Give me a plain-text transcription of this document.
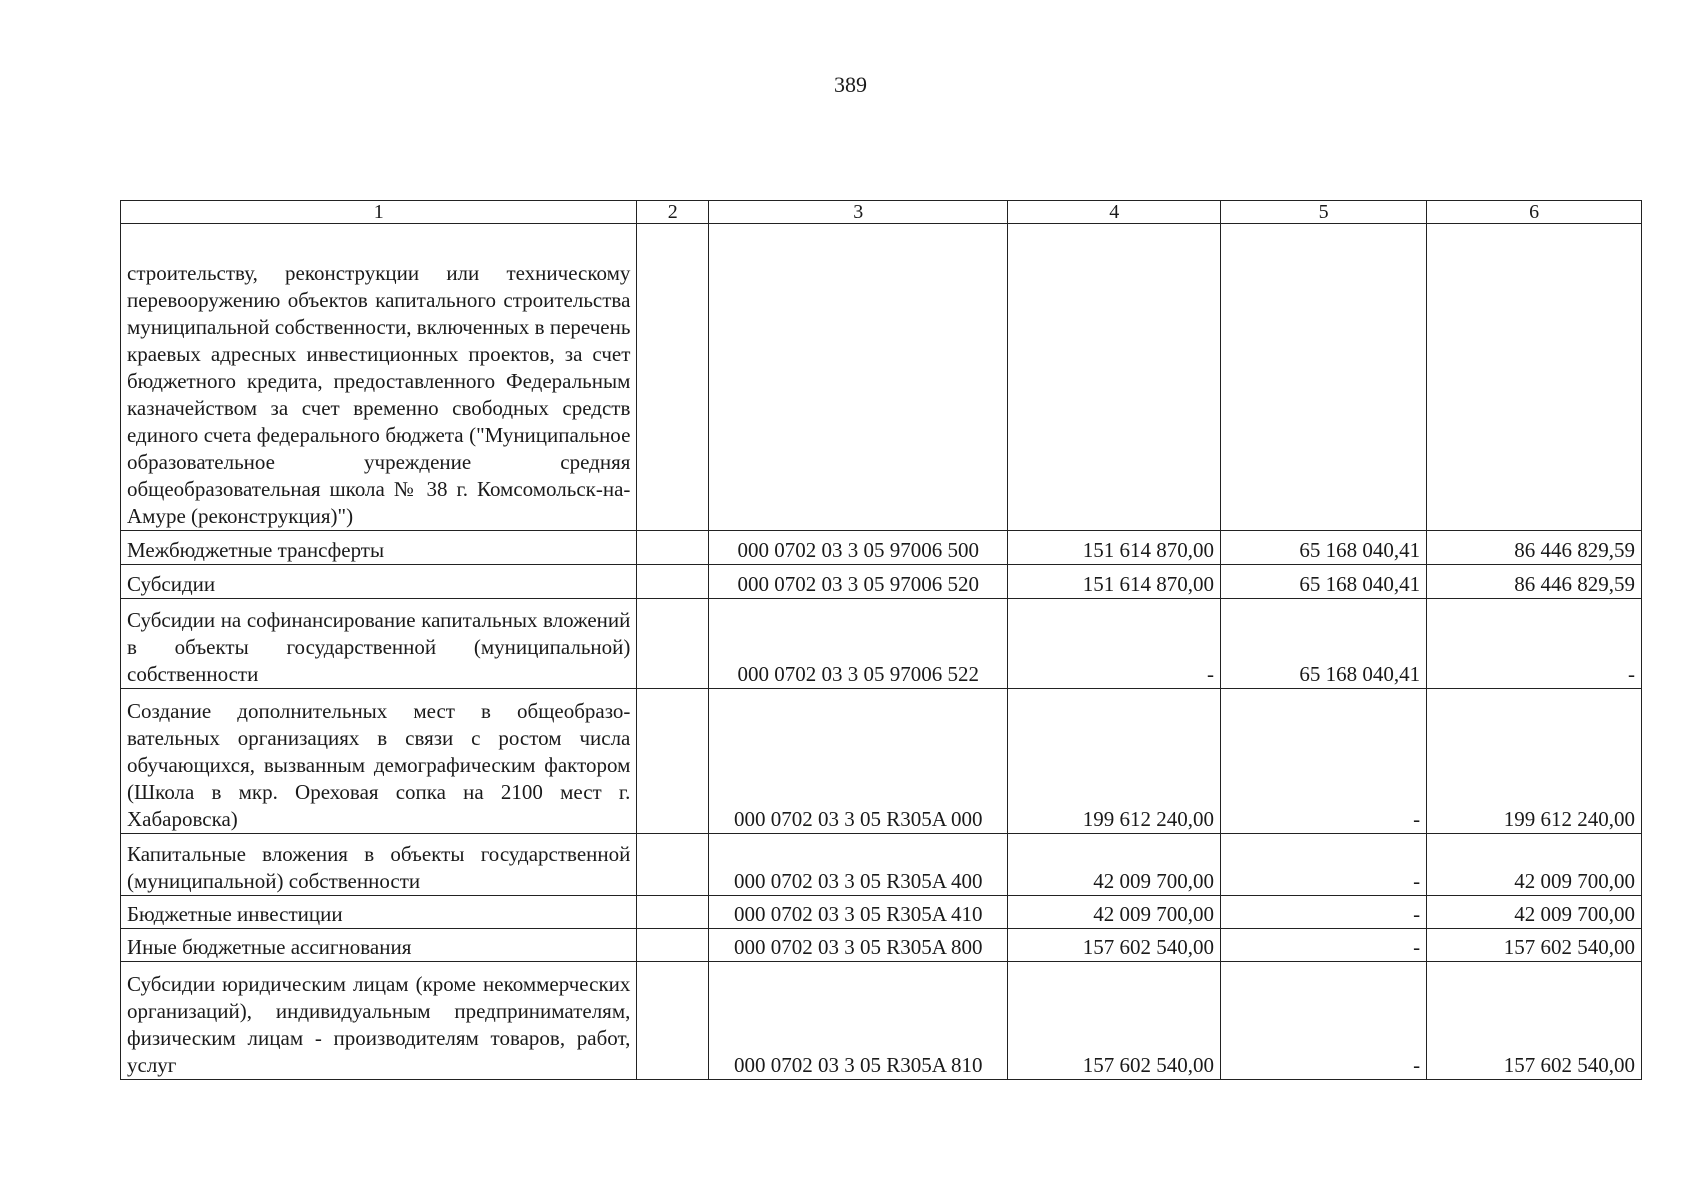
389
1	2	3	4	5	6
строительству, реконструкции или техническому перевооружению объектов капитального строительства муниципальной собственности, включенных в перечень краевых адресных инвестиционных проектов, за счет бюджетного кредита, предоставленного Федеральным казначейством за счет временно свободных средств единого счета федерального бюджета ("Муниципальное образовательное учреждение средняя общеобразовательная школа № 38 г. Комсомольск-на-Амуре (реконструкция)")					
Межбюджетные трансферты		000 0702 03 3 05 97006 500	151 614 870,00	65 168 040,41	86 446 829,59
Субсидии		000 0702 03 3 05 97006 520	151 614 870,00	65 168 040,41	86 446 829,59
Субсидии на софинансирование капитальных вложений в объекты государственной (муниципальной) собственности		000 0702 03 3 05 97006 522	-	65 168 040,41	-
Создание дополнительных мест в общеобразовательных организациях в связи с ростом числа обучающихся, вызванным демографическим фактором (Школа в мкр. Ореховая сопка на 2100 мест г. Хабаровска)		000 0702 03 3 05 R305A 000	199 612 240,00	-	199 612 240,00
Капитальные вложения в объекты государственной (муниципальной) собственности		000 0702 03 3 05 R305A 400	42 009 700,00	-	42 009 700,00
Бюджетные инвестиции		000 0702 03 3 05 R305A 410	42 009 700,00	-	42 009 700,00
Иные бюджетные ассигнования		000 0702 03 3 05 R305A 800	157 602 540,00	-	157 602 540,00
Субсидии юридическим лицам (кроме некоммерческих организаций), индивидуальным предпринимателям, физическим лицам - производителям товаров, работ, услуг		000 0702 03 3 05 R305A 810	157 602 540,00	-	157 602 540,00
